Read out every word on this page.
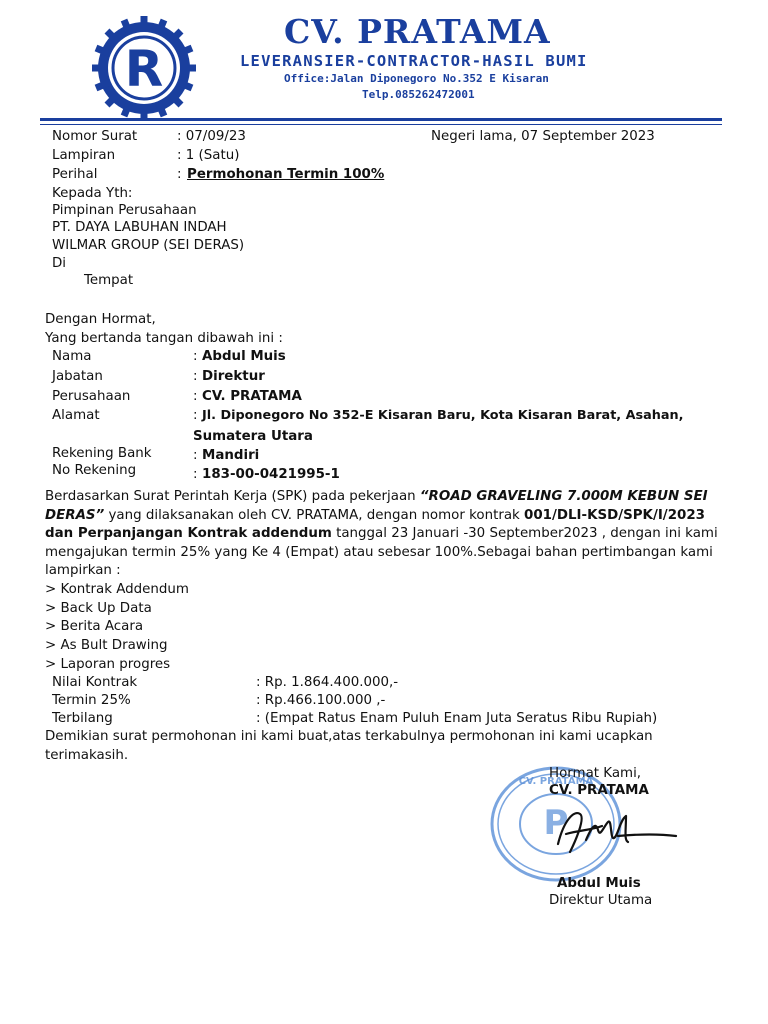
R
CV. PRATAMA
LEVERANSIER-CONTRACTOR-HASIL BUMI
Office:Jalan Diponegoro No.352 E Kisaran
Telp.085262472001
Nomor Surat	: 07/09/23	Negeri lama, 07 September 2023
Lampiran	: 1 (Satu)
Perihal	: Permohonan Termin 100%
Kepada Yth:
Pimpinan Perusahaan
PT. DAYA LABUHAN INDAH
WILMAR GROUP (SEI DERAS)
Di
Tempat
Dengan Hormat,
Yang bertanda tangan dibawah ini :
Nama	: Abdul Muis
Jabatan	: Direktur
Perusahaan	: CV. PRATAMA
Alamat	: Jl. Diponegoro No 352-E Kisaran Baru, Kota Kisaran Barat, Asahan,
Sumatera Utara
Rekening Bank	: Mandiri
No Rekening	: 183-00-0421995-1
Berdasarkan Surat Perintah Kerja (SPK) pada pekerjaan “ROAD GRAVELING 7.000M KEBUN SEI DERAS” yang dilaksanakan oleh CV. PRATAMA, dengan nomor kontrak 001/DLI-KSD/SPK/I/2023 dan Perpanjangan Kontrak addendum tanggal 23 Januari -30 September2023 , dengan ini kami mengajukan termin 25% yang Ke 4 (Empat) atau sebesar 100%.Sebagai bahan pertimbangan kami lampirkan :
> Kontrak Addendum
> Back Up Data
> Berita Acara
> As Bult Drawing
> Laporan progres
Nilai Kontrak	: Rp. 1.864.400.000,-
Termin 25%	: Rp.466.100.000 ,-
Terbilang	: (Empat Ratus Enam Puluh Enam Juta Seratus Ribu Rupiah)
Demikian surat permohonan ini kami buat,atas terkabulnya permohonan ini kami ucapkan terimakasih.
P
CV. PRATAMA
Hormat Kami,
CV. PRATAMA
Abdul Muis
Direktur Utama
